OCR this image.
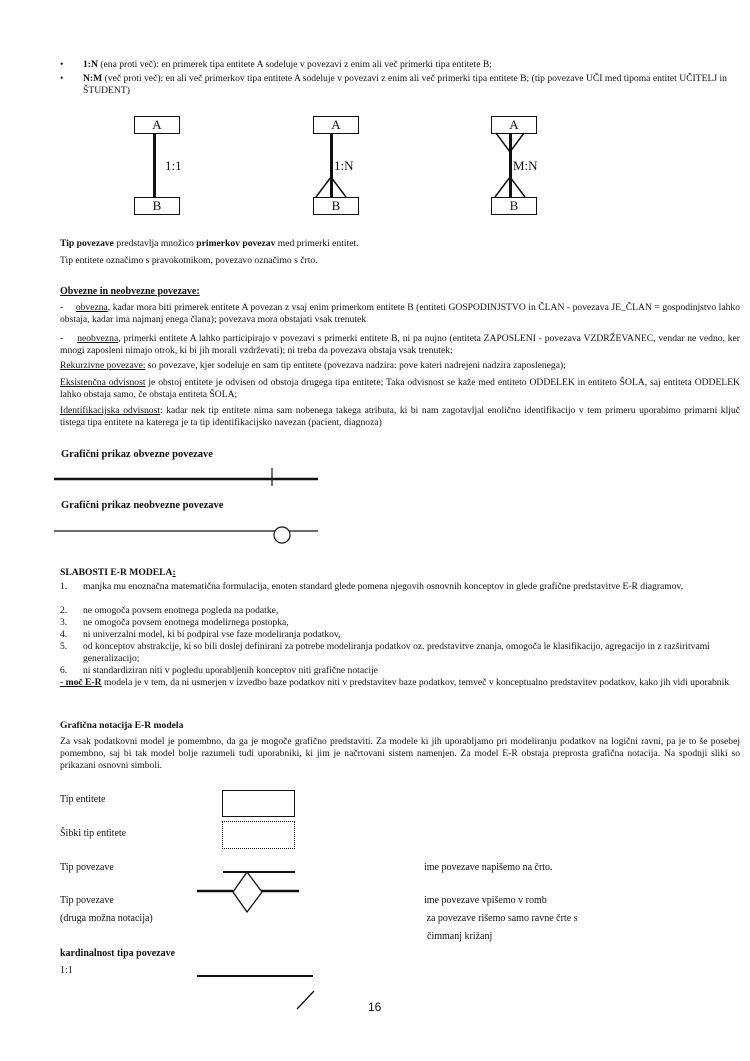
• 1:N (ena proti več): en primerek tipa entitete A sodeluje v povezavi z enim ali več primerki tipa entitete B;
• N:M (več proti več): en ali več primerkov tipa entitete A sodeluje v povezavi z enim ali več primerki tipa entitete B; (tip povezave UČI med tipoma entitet UČITELJ in ŠTUDENT)
A
1:1
B
A
1:N
B
A
M:N
B
Tip povezave predstavlja množico primerkov povezav med primerki entitet.
Tip entitete označimo s pravokotnikom, povezavo označimo s črto.
Obvezne in neobvezne povezave:
- obvezna, kadar mora biti primerek entitete A povezan z vsaj enim primerkom entitete B (entiteti GOSPODINJSTVO in ČLAN - povezava JE_ČLAN = gospodinjstvo lahko obstaja, kadar ima najmanj enega člana); povezava mora obstajati vsak trenutek
- neobvezna, primerki entitete A lahko participirajo v povezavi s primerki entitete B, ni pa nujno (entiteta ZAPOSLENI - povezava VZDRŽEVANEC, vendar ne vedno, ker mnogi zaposleni nimajo otrok, ki bi jih morali vzdrževati); ni treba da povezava obstaja vsak trenutek;
Rekurzivne povezave: so povezave, kjer sodeluje en sam tip entitete (povezava nadzira: pove kateri nadrejeni nadzira zaposlenega);
Eksistenčna odvisnost je obstoj entitete je odvisen od obstoja drugega tipa entitete; Taka odvisnost se kaže med entiteto ODDELEK in entiteto ŠOLA, saj entiteta ODDELEK lahko obstaja samo, če obstaja entiteta ŠOLA;
Identifikacijska odvisnost: kadar nek tip entitete nima sam nobenega takega atributa, ki bi nam zagotavljal enolično identifikacijo v tem primeru uporabimo primarni ključ tistega tipa entitete na katerega je ta tip identifikacijsko navezan (pacient, diagnoza)
Grafični prikaz obvezne povezave
Grafični prikaz neobvezne povezave
SLABOSTI E-R MODELA:
1. manjka mu enoznačna matematična formulacija, enoten standard glede pomena njegovih osnovnih konceptov in glede grafične predstavitve E-R diagramov,
2. ne omogoča povsem enotnega pogleda na podatke,
3. ne omogoča povsem enotnega modelirnega postopka,
4. ni univerzalni model, ki bi podpiral vse faze modeliranja podatkov,
5. od konceptov abstrakcije, ki so bili doslej definirani za potrebe modeliranja podatkov oz. predstavitve znanja, omogoča le klasifikacijo, agregacijo in z razširitvami generalizacijo;
6. ni standardiziran niti v pogledu uporabljenih konceptov niti grafične notacije
- moč E-R modela je v tem, da ni usmerjen v izvedbo baze podatkov niti v predstavitev baze podatkov, temveč v konceptualno predstavitev podatkov, kako jih vidi uporabnik
Grafična notacija E-R modela
Za vsak podatkovni model je pomembno, da ga je mogoče grafično predstaviti. Za modele ki jih uporabljamo pri modeliranju podatkov na logični ravni, pa je to še posebej pomembno, saj bi tak model bolje razumeli tudi uporabniki, ki jim je načrtovani sistem namenjen. Za model E-R obstaja preprosta grafična notacija. Na spodnji sliki so prikazani osnovni simboli.
Tip entitete
Šibki tip entitete
Tip povezave	ime povezave napišemo na črto.
Tip povezave	ime povezave vpišemo v romb
(druga možna notacija)	za povezave rišemo samo ravne črte s
čimmanj križanj
kardinalnost tipa povezave
1:1
16
